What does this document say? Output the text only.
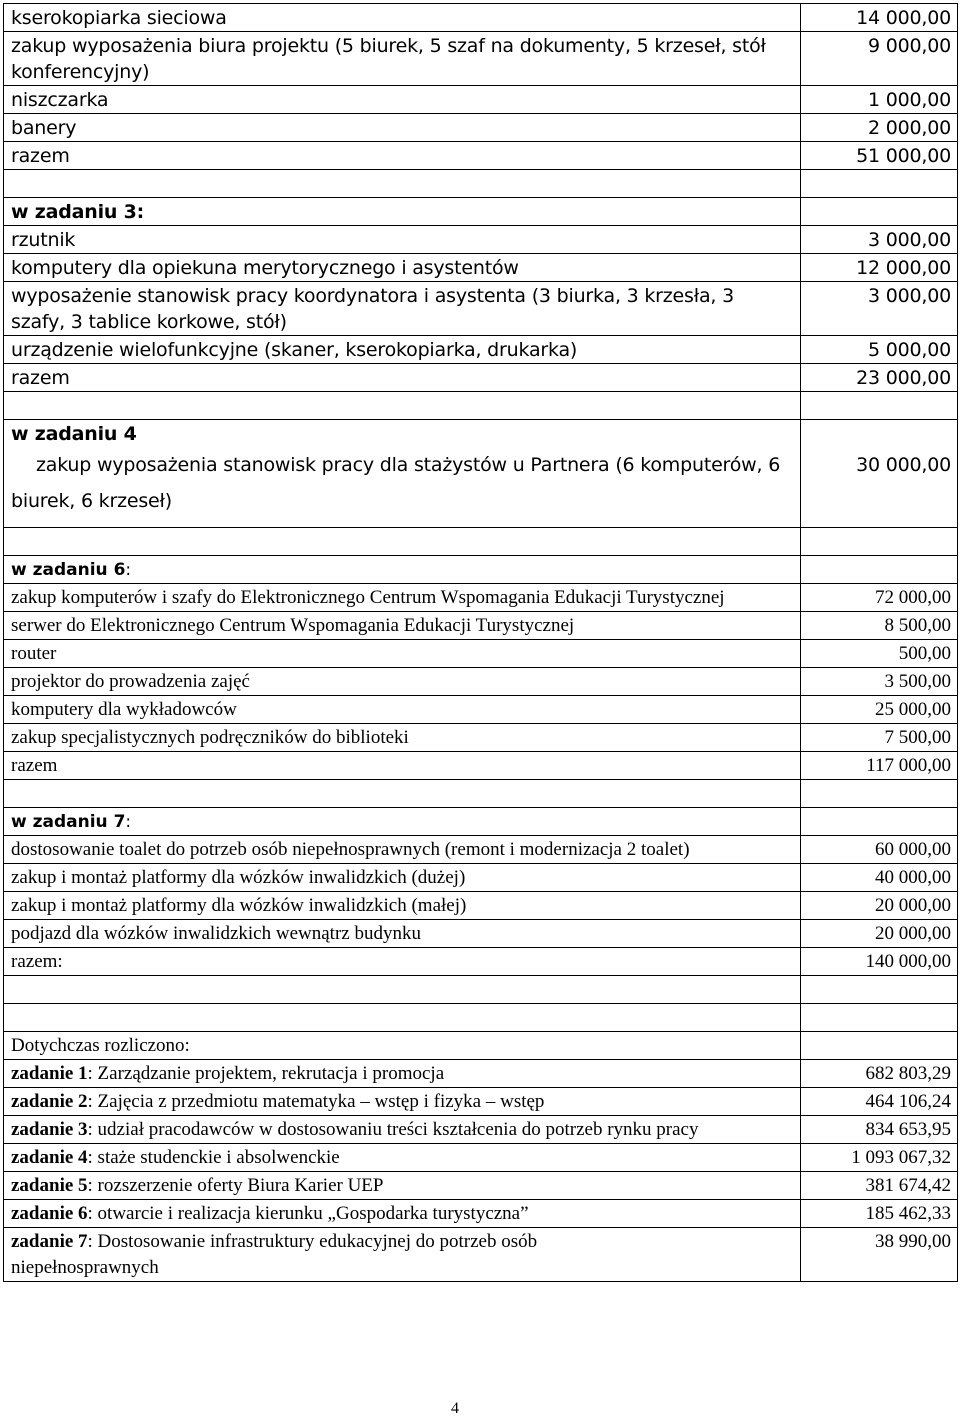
kserokopiarka sieciowa	14 000,00
zakup wyposażenia biura projektu (5 biurek, 5 szaf na dokumenty, 5 krzeseł, stół konferencyjny)	9 000,00
niszczarka	1 000,00
banery	2 000,00
razem	51 000,00

w zadaniu 3:	
rzutnik	3 000,00
komputery dla opiekuna merytorycznego i asystentów	12 000,00
wyposażenie stanowisk pracy koordynatora i asystenta (3 biurka, 3 krzesła, 3 szafy, 3 tablice korkowe, stół)	3 000,00
urządzenie wielofunkcyjne (skaner, kserokopiarka, drukarka)	5 000,00
razem	23 000,00

w zadaniu 4	

zakup wyposażenia stanowisk pracy dla stażystów u Partnera (6 komputerów, 6
biurek, 6 krzeseł)	30 000,00

w zadaniu 6:	
zakup komputerów i szafy do Elektronicznego Centrum Wspomagania Edukacji Turystycznej	72 000,00
serwer do Elektronicznego Centrum Wspomagania Edukacji Turystycznej	8 500,00
router	500,00
projektor do prowadzenia zajęć	3 500,00
komputery dla wykładowców	25 000,00
zakup specjalistycznych podręczników do biblioteki	7 500,00
razem	117 000,00

w zadaniu 7:	
dostosowanie toalet do potrzeb osób niepełnosprawnych (remont i modernizacja 2 toalet)	60 000,00
zakup i montaż platformy dla wózków inwalidzkich (dużej)	40 000,00
zakup i montaż platformy dla wózków inwalidzkich (małej)	20 000,00
podjazd dla wózków inwalidzkich wewnątrz budynku	20 000,00
razem:	140 000,00

Dotychczas rozliczono:	
zadanie 1: Zarządzanie projektem, rekrutacja i promocja	682 803,29
zadanie 2: Zajęcia z przedmiotu matematyka – wstęp i fizyka – wstęp	464 106,24
zadanie 3: udział pracodawców w dostosowaniu treści kształcenia do potrzeb rynku pracy	834 653,95
zadanie 4: staże studenckie i absolwenckie	1 093 067,32
zadanie 5: rozszerzenie oferty Biura Karier UEP	381 674,42
zadanie 6: otwarcie i realizacja kierunku „Gospodarka turystyczna”	185 462,33
zadanie 7: Dostosowanie infrastruktury edukacyjnej do potrzeb osób niepełnosprawnych	38 990,00
4
